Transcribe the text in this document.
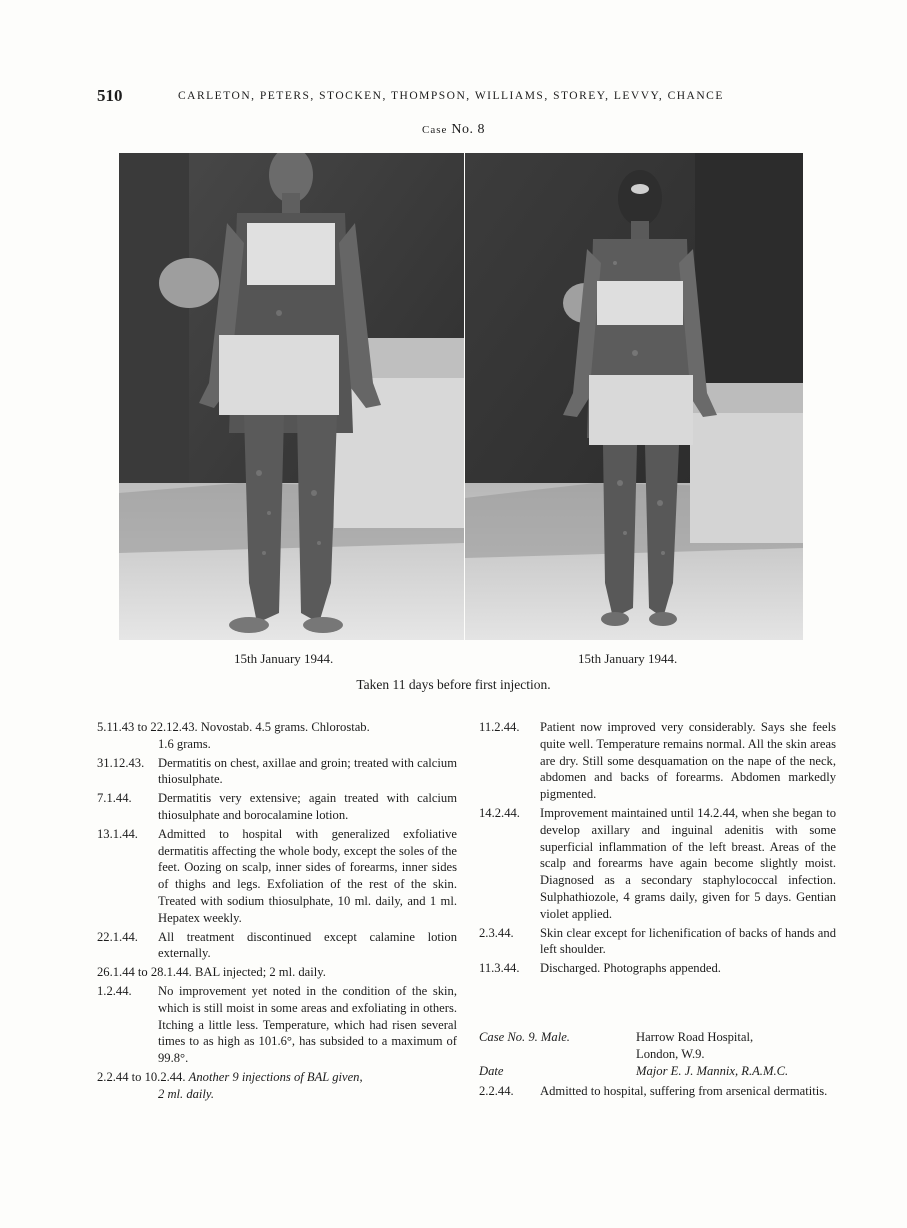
510	CARLETON, PETERS, STOCKEN, THOMPSON, WILLIAMS, STOREY, LEVVY, CHANCE
Case No. 8
15th January 1944.	15th January 1944.
Taken 11 days before first injection.
5.11.43 to 22.12.43. Novostab. 4.5 grams. Chlorostab.
1.6 grams.
31.12.43. Dermatitis on chest, axillae and groin; treated with calcium thiosulphate.
7.1.44. Dermatitis very extensive; again treated with calcium thiosulphate and borocalamine lotion.
13.1.44. Admitted to hospital with generalized exfoliative dermatitis affecting the whole body, except the soles of the feet. Oozing on scalp, inner sides of forearms, inner sides of thighs and legs. Exfoliation of the rest of the skin. Treated with sodium thiosulphate, 10 ml. daily, and 1 ml. Hepatex weekly.
22.1.44. All treatment discontinued except calamine lotion externally.
26.1.44 to 28.1.44. BAL injected; 2 ml. daily.
1.2.44. No improvement yet noted in the condition of the skin, which is still moist in some areas and exfoliating in others. Itching a little less. Temperature, which had risen several times to as high as 101.6°, has subsided to a maximum of 99.8°.
2.2.44 to 10.2.44. Another 9 injections of BAL given,
2 ml. daily.
11.2.44. Patient now improved very considerably. Says she feels quite well. Temperature remains normal. All the skin areas are dry. Still some desquamation on the nape of the neck, abdomen and backs of forearms. Abdomen markedly pigmented.
14.2.44. Improvement maintained until 14.2.44, when she began to develop axillary and inguinal adenitis with some superficial inflammation of the left breast. Areas of the scalp and forearms have again become slightly moist. Diagnosed as a secondary staphylococcal infection. Sulphathiozole, 4 grams daily, given for 5 days. Gentian violet applied.
2.3.44. Skin clear except for lichenification of backs of hands and left shoulder.
11.3.44. Discharged. Photographs appended.
Case No. 9. Male.	Harrow Road Hospital,
London, W.9.
Date	Major E. J. Mannix, R.A.M.C.
2.2.44. Admitted to hospital, suffering from arsenical dermatitis.
